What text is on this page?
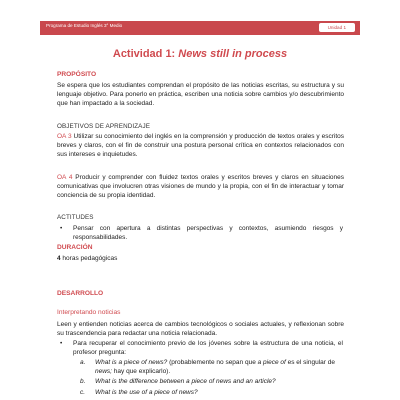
Programa de Estudio Inglés 3° Medio	Unidad 1
Actividad 1: News still in process
PROPÓSITO
Se espera que los estudiantes comprendan el propósito de las noticias escritas, su estructura y su lenguaje objetivo. Para ponerlo en práctica, escriben una noticia sobre cambios y/o descubrimiento que han impactado a la sociedad.
OBJETIVOS DE APRENDIZAJE
OA 3 Utilizar su conocimiento del inglés en la comprensión y producción de textos orales y escritos breves y claros, con el fin de construir una postura personal crítica en contextos relacionados con sus intereses e inquietudes.
OA 4 Producir y comprender con fluidez textos orales y escritos breves y claros en situaciones comunicativas que involucren otras visiones de mundo y la propia, con el fin de interactuar y tomar conciencia de su propia identidad.
ACTITUDES
• Pensar con apertura a distintas perspectivas y contextos, asumiendo riesgos y responsabilidades.
DURACIÓN
4 horas pedagógicas
DESARROLLO
Interpretando noticias
Leen y entienden noticias acerca de cambios tecnológicos o sociales actuales, y reflexionan sobre su trascendencia para redactar una noticia relacionada.
• Para recuperar el conocimiento previo de los jóvenes sobre la estructura de una noticia, el profesor pregunta:
a. What is a piece of news? (probablemente no sepan que a piece of es el singular de news; hay que explicarlo).
b. What is the difference between a piece of news and an article?
c. What is the use of a piece of news?
